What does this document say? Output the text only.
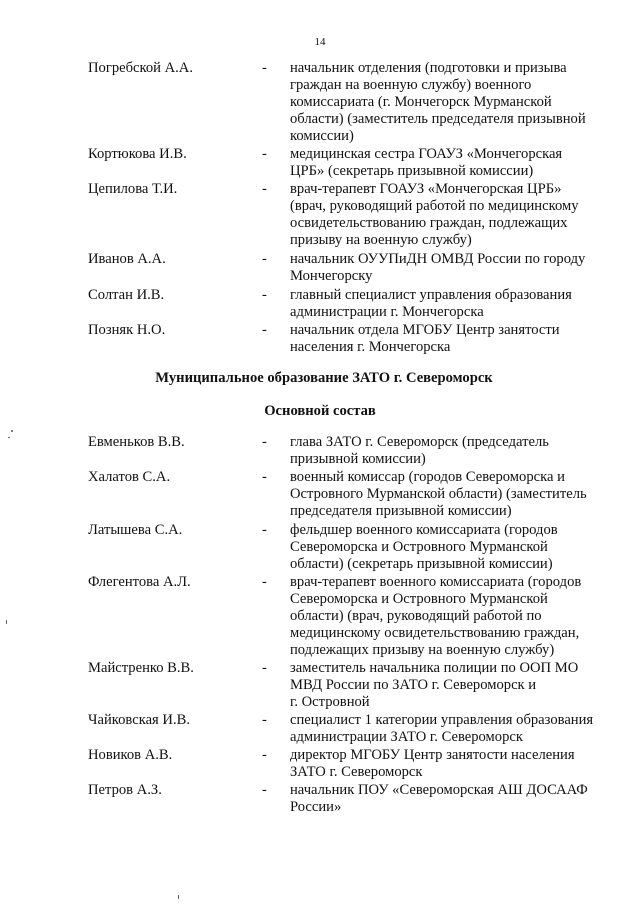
14
Погребской А.А.	- начальник отделения (подготовки и призыва
граждан на военную службу) военного
комиссариата (г. Мончегорск Мурманской
области) (заместитель председателя призывной
комиссии)
Кортюкова И.В.	- медицинская сестра ГОАУЗ «Мончегорская
ЦРБ» (секретарь призывной комиссии)
Цепилова Т.И.	- врач-терапевт ГОАУЗ «Мончегорская ЦРБ»
(врач, руководящий работой по медицинскому
освидетельствованию граждан, подлежащих
призыву на военную службу)
Иванов А.А.	- начальник ОУУПиДН ОМВД России по городу
Мончегорску
Солтан И.В.	- главный специалист управления образования
администрации г. Мончегорска
Позняк Н.О.	- начальник отдела МГОБУ Центр занятости
населения г. Мончегорска
Муниципальное образование ЗАТО г. Североморск
Основной состав
Евменьков В.В.	- глава ЗАТО г. Североморск (председатель
призывной комиссии)
Халатов С.А.	- военный комиссар (городов Североморска и
Островного Мурманской области) (заместитель
председателя призывной комиссии)
Латышева С.А.	- фельдшер военного комиссариата (городов
Североморска и Островного Мурманской
области) (секретарь призывной комиссии)
Флегентова А.Л.	- врач-терапевт военного комиссариата (городов
Североморска и Островного Мурманской
области) (врач, руководящий работой по
медицинскому освидетельствованию граждан,
подлежащих призыву на военную службу)
Майстренко В.В.	- заместитель начальника полиции по ООП МО
МВД России по ЗАТО г. Североморск и
г. Островной
Чайковская И.В.	- специалист 1 категории управления образования
администрации ЗАТО г. Североморск
Новиков А.В.	- директор МГОБУ Центр занятости населения
ЗАТО г. Североморск
Петров А.З.	- начальник ПОУ «Североморская АШ ДОСААФ
России»
